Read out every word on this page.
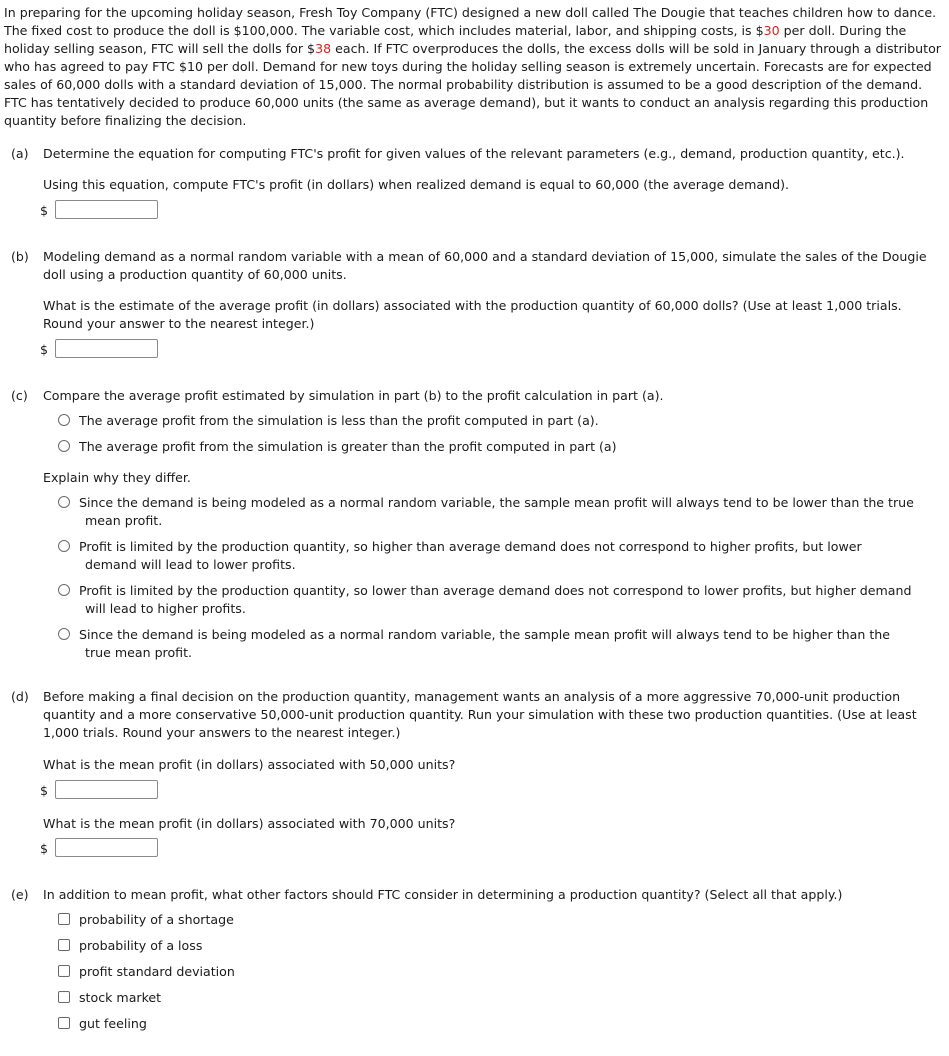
In preparing for the upcoming holiday season, Fresh Toy Company (FTC) designed a new doll called The Dougie that teaches children how to dance. The fixed cost to produce the doll is $100,000. The variable cost, which includes material, labor, and shipping costs, is $30 per doll. During the holiday selling season, FTC will sell the dolls for $38 each. If FTC overproduces the dolls, the excess dolls will be sold in January through a distributor who has agreed to pay FTC $10 per doll. Demand for new toys during the holiday selling season is extremely uncertain. Forecasts are for expected sales of 60,000 dolls with a standard deviation of 15,000. The normal probability distribution is assumed to be a good description of the demand. FTC has tentatively decided to produce 60,000 units (the same as average demand), but it wants to conduct an analysis regarding this production quantity before finalizing the decision.
(a) Determine the equation for computing FTC's profit for given values of the relevant parameters (e.g., demand, production quantity, etc.).
Using this equation, compute FTC's profit (in dollars) when realized demand is equal to 60,000 (the average demand).
$
(b) Modeling demand as a normal random variable with a mean of 60,000 and a standard deviation of 15,000, simulate the sales of the Dougie doll using a production quantity of 60,000 units.
What is the estimate of the average profit (in dollars) associated with the production quantity of 60,000 dolls? (Use at least 1,000 trials. Round your answer to the nearest integer.)
$
(c) Compare the average profit estimated by simulation in part (b) to the profit calculation in part (a).
The average profit from the simulation is less than the profit computed in part (a).
The average profit from the simulation is greater than the profit computed in part (a)
Explain why they differ.
Since the demand is being modeled as a normal random variable, the sample mean profit will always tend to be lower than the true
mean profit.
Profit is limited by the production quantity, so higher than average demand does not correspond to higher profits, but lower
demand will lead to lower profits.
Profit is limited by the production quantity, so lower than average demand does not correspond to lower profits, but higher demand
will lead to higher profits.
Since the demand is being modeled as a normal random variable, the sample mean profit will always tend to be higher than the
true mean profit.
(d) Before making a final decision on the production quantity, management wants an analysis of a more aggressive 70,000-unit production quantity and a more conservative 50,000-unit production quantity. Run your simulation with these two production quantities. (Use at least 1,000 trials. Round your answers to the nearest integer.)
What is the mean profit (in dollars) associated with 50,000 units?
$
What is the mean profit (in dollars) associated with 70,000 units?
$
(e) In addition to mean profit, what other factors should FTC consider in determining a production quantity? (Select all that apply.)
probability of a shortage
probability of a loss
profit standard deviation
stock market
gut feeling
